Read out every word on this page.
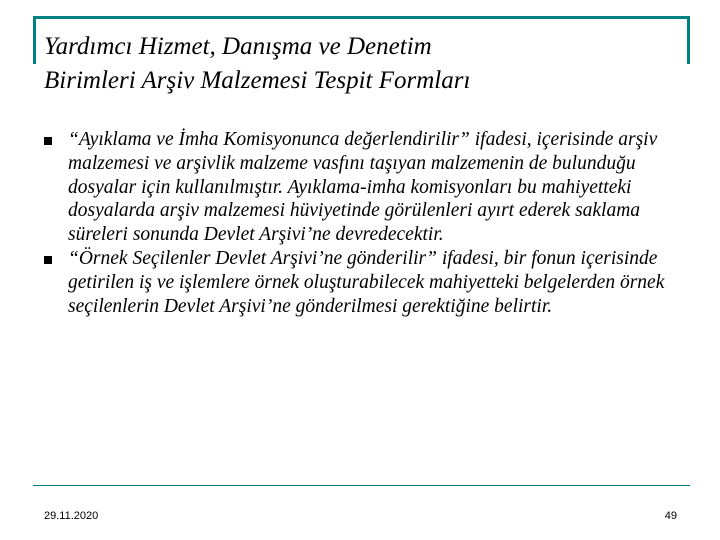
Yardımcı Hizmet, Danışma ve Denetim
Birimleri Arşiv Malzemesi Tespit Formları
“Ayıklama ve İmha Komisyonunca değerlendirilir” ifadesi, içerisinde arşiv malzemesi ve arşivlik malzeme vasfını taşıyan malzemenin de bulunduğu dosyalar için kullanılmıştır. Ayıklama-imha komisyonları bu mahiyetteki dosyalarda arşiv malzemesi hüviyetinde görülenleri ayırt ederek saklama süreleri sonunda Devlet Arşivi’ne devredecektir.
“Örnek Seçilenler Devlet Arşivi’ne gönderilir” ifadesi, bir fonun içerisinde getirilen iş ve işlemlere örnek oluşturabilecek mahiyetteki belgelerden örnek seçilenlerin Devlet Arşivi’ne gönderilmesi gerektiğine belirtir.
29.11.2020	49
